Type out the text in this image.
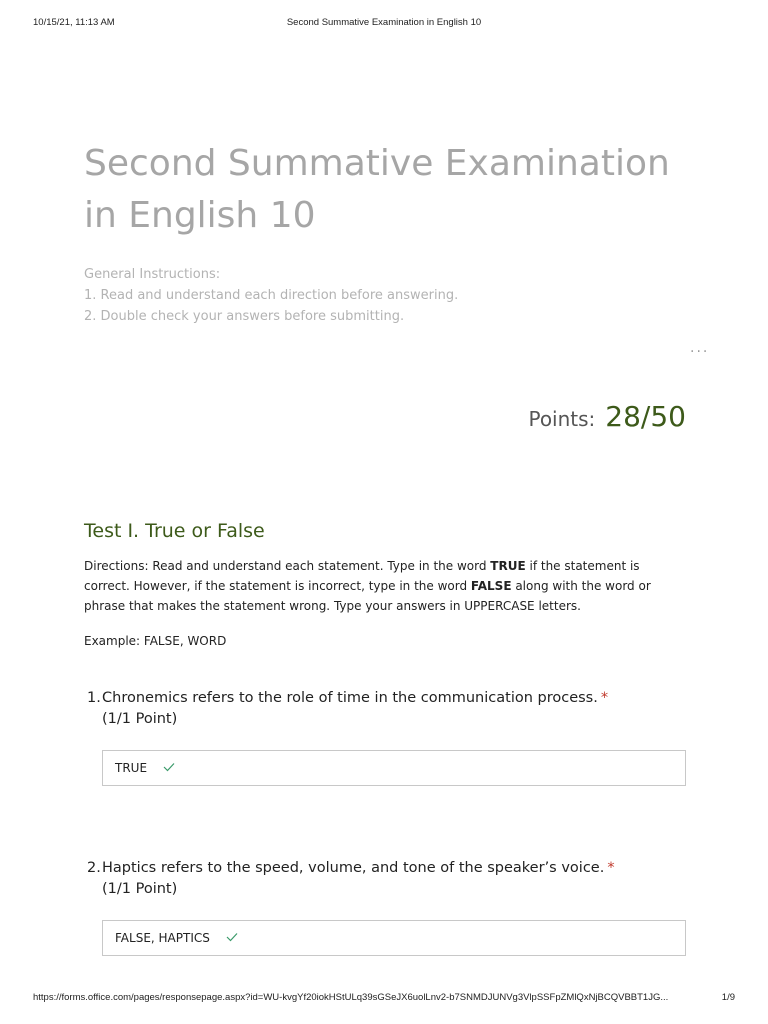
10/15/21, 11:13 AM	Second Summative Examination in English 10
Second Summative Examination in English 10
General Instructions:
1. Read and understand each direction before answering.
2. Double check your answers before submitting.
···
Points: 28/50
Test I. True or False
Directions: Read and understand each statement. Type in the word TRUE if the statement is correct. However, if the statement is incorrect, type in the word FALSE along with the word or phrase that makes the statement wrong. Type your answers in UPPERCASE letters.
Example: FALSE, WORD
1. Chronemics refers to the role of time in the communication process. *
(1/1 Point)
TRUE
2. Haptics refers to the speed, volume, and tone of the speaker’s voice. *
(1/1 Point)
FALSE, HAPTICS
https://forms.office.com/pages/responsepage.aspx?id=WU-kvgYf20iokHStULq39sGSeJX6uolLnv2-b7SNMDJUNVg3VlpSSFpZMlQxNjBCQVBBT1JG...	1/9
